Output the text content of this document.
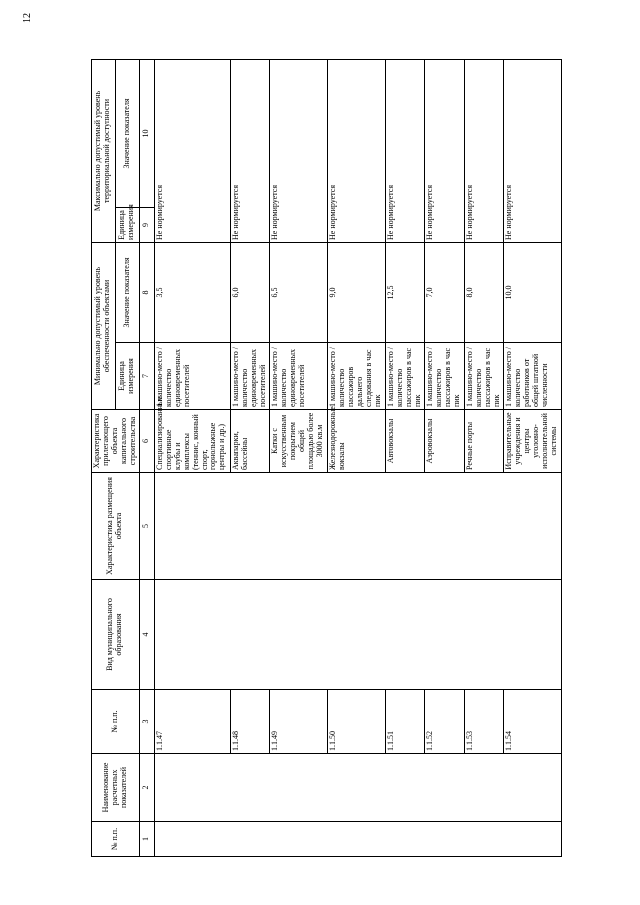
12
№ п.п.	Наименование расчетных показателей	№ п.п.	Вид муниципального образования	Характеристика размещения объекта	Характеристика прилегающего объекта капитального строительства	Минимально допустимый уровень обеспеченности объектами		Максимально допустимый уровень территориальной доступности	
						Единица измерения	Значение показателя	Единица измерения	Значение показателя
1	2	3	4	5	6	7	8	9	10
		1.1.47			Специализированные спортивные клубы и комплексы (теннис, конный спорт, горнолыжные центры и др.)	1 машино-место / количество единовременных посетителей	3,5	Не нормируется	
		1.1.48			Аквапарки, бассейны	1 машино-место / количество единовременных посетителей	6,0	Не нормируется	
		1.1.49			Катки с искусственным покрытием общей площадью более 3000 кв.м	1 машино-место / количество единовременных посетителей	6,5	Не нормируется	
		1.1.50			Железнодорожные вокзалы	1 машино-место / количество пассажиров дальнего следования в час пик	9,0	Не нормируется	
		1.1.51			Автовокзалы	1 машино-место / количество пассажиров в час пик	12,5	Не нормируется	
		1.1.52			Аэровокзалы	1 машино-место / количество пассажиров в час пик	7,0	Не нормируется	
		1.1.53			Речные порты	1 машино-место / количество пассажиров в час пик	8,0	Не нормируется	
		1.1.54			Исправительные учреждения и центры уголовно-исполнительной системы	1 машино-место / количество работников от общей штатной численности	10,0	Не нормируется	
